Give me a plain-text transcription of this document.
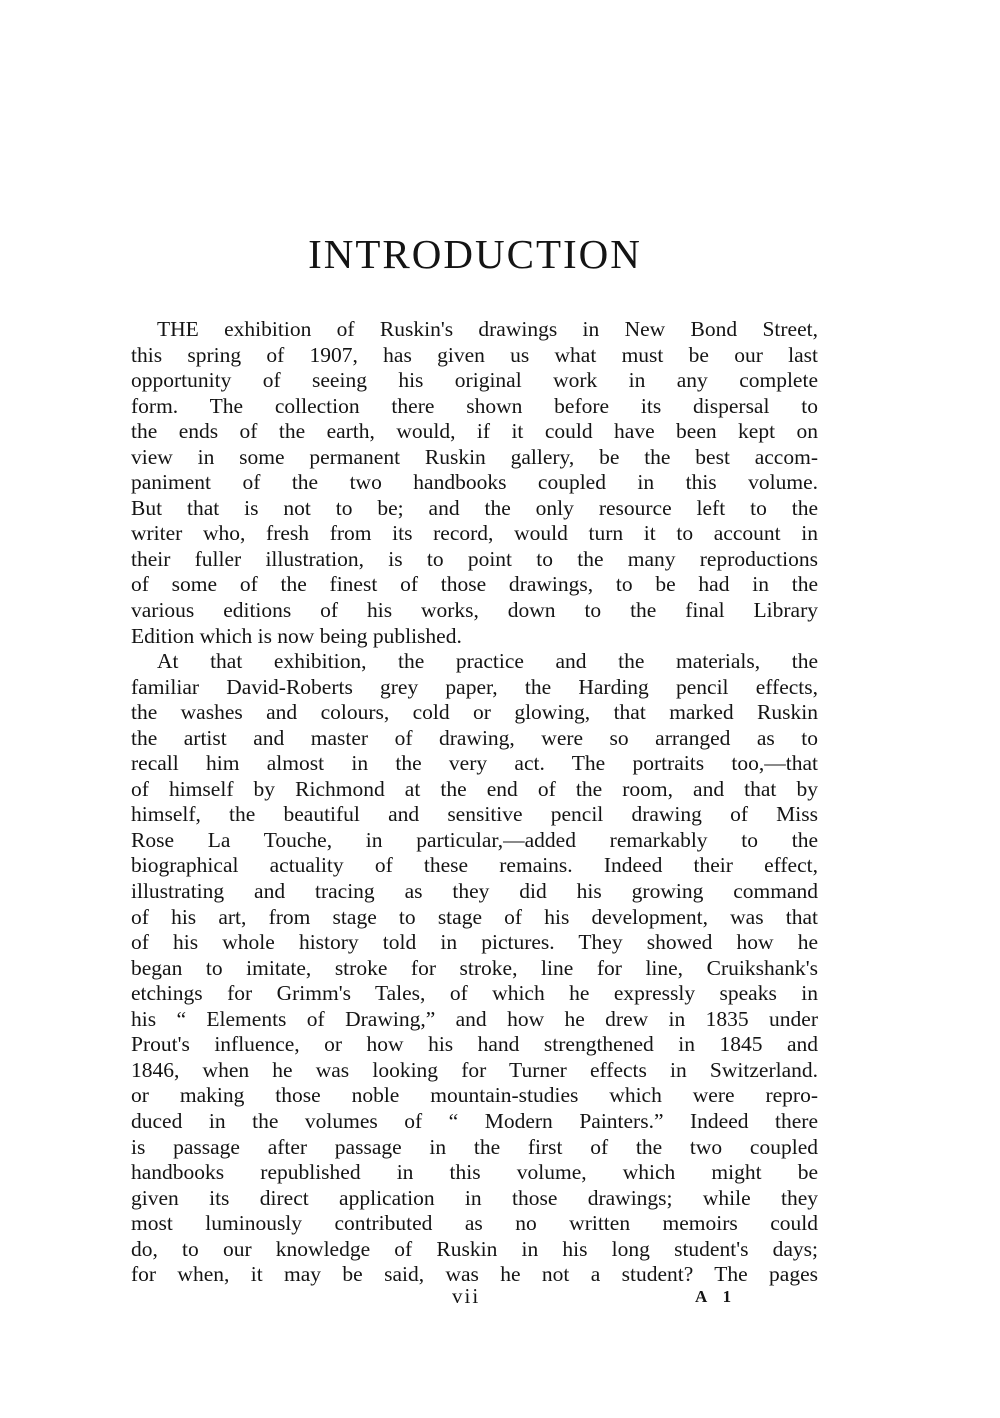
INTRODUCTION
THE exhibition of Ruskin's drawings in New Bond Street,
this spring of 1907, has given us what must be our last
opportunity of seeing his original work in any complete
form. The collection there shown before its dispersal to
the ends of the earth, would, if it could have been kept on
view in some permanent Ruskin gallery, be the best accom-
paniment of the two handbooks coupled in this volume.
But that is not to be; and the only resource left to the
writer who, fresh from its record, would turn it to account in
their fuller illustration, is to point to the many reproductions
of some of the finest of those drawings, to be had in the
various editions of his works, down to the final Library
Edition which is now being published.
At that exhibition, the practice and the materials, the
familiar David-Roberts grey paper, the Harding pencil effects,
the washes and colours, cold or glowing, that marked Ruskin
the artist and master of drawing, were so arranged as to
recall him almost in the very act. The portraits too,—that
of himself by Richmond at the end of the room, and that by
himself, the beautiful and sensitive pencil drawing of Miss
Rose La Touche, in particular,—added remarkably to the
biographical actuality of these remains. Indeed their effect,
illustrating and tracing as they did his growing command
of his art, from stage to stage of his development, was that
of his whole history told in pictures. They showed how he
began to imitate, stroke for stroke, line for line, Cruikshank's
etchings for Grimm's Tales, of which he expressly speaks in
his “ Elements of Drawing,” and how he drew in 1835 under
Prout's influence, or how his hand strengthened in 1845 and
1846, when he was looking for Turner effects in Switzerland.
or making those noble mountain-studies which were repro-
duced in the volumes of “ Modern Painters.” Indeed there
is passage after passage in the first of the two coupled
handbooks republished in this volume, which might be
given its direct application in those drawings; while they
most luminously contributed as no written memoirs could
do, to our knowledge of Ruskin in his long student's days;
for when, it may be said, was he not a student? The pages
vii	A 1
